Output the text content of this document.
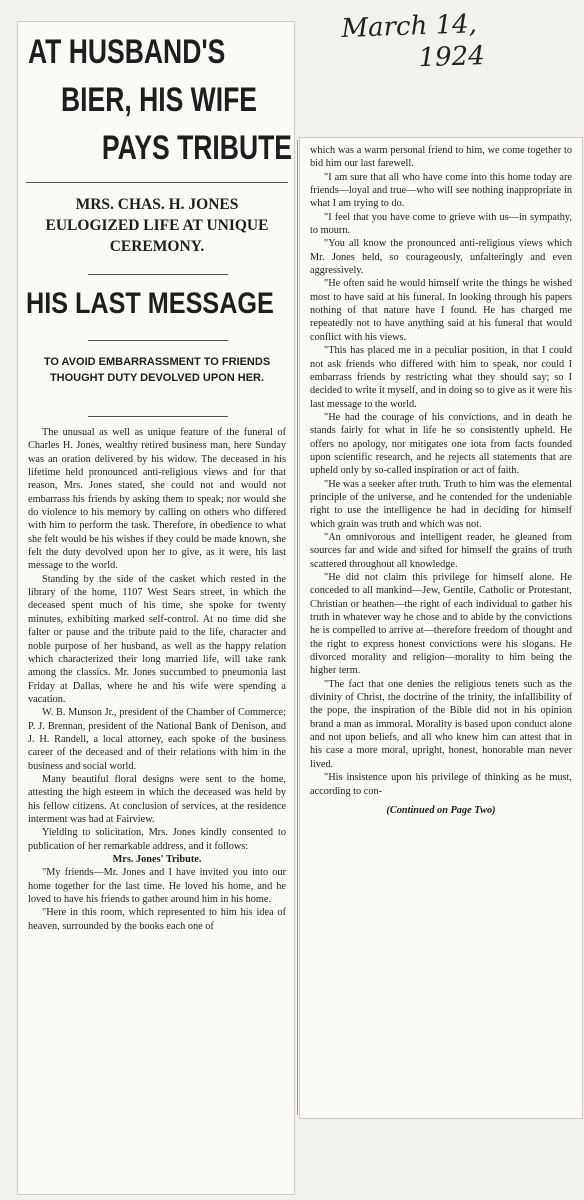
March 14,
1924
AT HUSBAND'S
BIER, HIS WIFE
PAYS TRIBUTE
MRS. CHAS. H. JONES EULOGIZED LIFE AT UNIQUE CEREMONY.
HIS LAST MESSAGE
TO AVOID EMBARRASSMENT TO FRIENDS THOUGHT DUTY DEVOLVED UPON HER.

The unusual as well as unique feature of the funeral of Charles H. Jones, wealthy retired business man, here Sunday was an oration delivered by his widow. The deceased in his lifetime held pronounced anti-religious views and for that reason, Mrs. Jones stated, she could not and would not embarrass his friends by asking them to speak; nor would she do violence to his memory by calling on others who differed with him to perform the task. Therefore, in obedience to what she felt would be his wishes if they could be made known, she felt the duty devolved upon her to give, as it were, his last message to the world.

Standing by the side of the casket which rested in the library of the home, 1107 West Sears street, in which the deceased spent much of his time, she spoke for twenty minutes, exhibiting marked self-control. At no time did she falter or pause and the tribute paid to the life, character and noble purpose of her husband, as well as the happy relation which characterized their long married life, will take rank among the classics. Mr. Jones succumbed to pneumonia last Friday at Dallas, where he and his wife were spending a vacation.

W. B. Munson Jr., president of the Chamber of Commerce; P. J. Brennan, president of the National Bank of Denison, and J. H. Randell, a local attorney, each spoke of the business career of the deceased and of their relations with him in the business and social world.

Many beautiful floral designs were sent to the home, attesting the high esteem in which the deceased was held by his fellow citizens. At conclusion of services, at the residence interment was had at Fairview.

Yielding to solicitation, Mrs. Jones kindly consented to publication of her remarkable address, and it follows:

Mrs. Jones' Tribute.

"My friends—Mr. Jones and I have invited you into our home together for the last time. He loved his home, and he loved to have his friends to gather around him in his home.

"Here in this room, which represented to him his idea of heaven, surrounded by the books each one of

which was a warm personal friend to him, we come together to bid him our last farewell.

"I am sure that all who have come into this home today are friends—loyal and true—who will see nothing inappropriate in what I am trying to do.

"I feel that you have come to grieve with us—in sympathy, to mourn.

"You all know the pronounced anti-religious views which Mr. Jones held, so courageously, unfalteringly and even aggressively.

"He often said he would himself write the things he wished most to have said at his funeral. In looking through his papers nothing of that nature have I found. He has charged me repeatedly not to have anything said at his funeral that would conflict with his views.

"This has placed me in a peculiar position, in that I could not ask friends who differed with him to speak, nor could I embarrass friends by restricting what they should say; so I decided to write it myself, and in doing so to give as it were his last message to the world.

"He had the courage of his convictions, and in death he stands fairly for what in life he so consistently upheld. He offers no apology, nor mitigates one iota from facts founded upon scientific research, and he rejects all statements that are upheld only by so-called inspiration or act of faith.

"He was a seeker after truth. Truth to him was the elemental principle of the universe, and he contended for the undeniable right to use the intelligence he had in deciding for himself which grain was truth and which was not.

"An omnivorous and intelligent reader, he gleaned from sources far and wide and sifted for himself the grains of truth scattered throughout all knowledge.

"He did not claim this privilege for himself alone. He conceded to all mankind—Jew, Gentile, Catholic or Protestant, Christian or heathen—the right of each individual to gather his truth in whatever way he chose and to abide by the convictions he is compelled to arrive at—therefore freedom of thought and the right to express honest convictions were his slogans. He divorced morality and religion—morality to him being the higher term.

"The fact that one denies the religious tenets such as the divinity of Christ, the doctrine of the trinity, the infallibility of the pope, the inspiration of the Bible did not in his opinion brand a man as immoral. Morality is based upon conduct alone and not upon beliefs, and all who knew him can attest that in his case a more moral, upright, honest, honorable man never lived.

"His insistence upon his privilege of thinking as he must, according to con-

(Continued on Page Two)
